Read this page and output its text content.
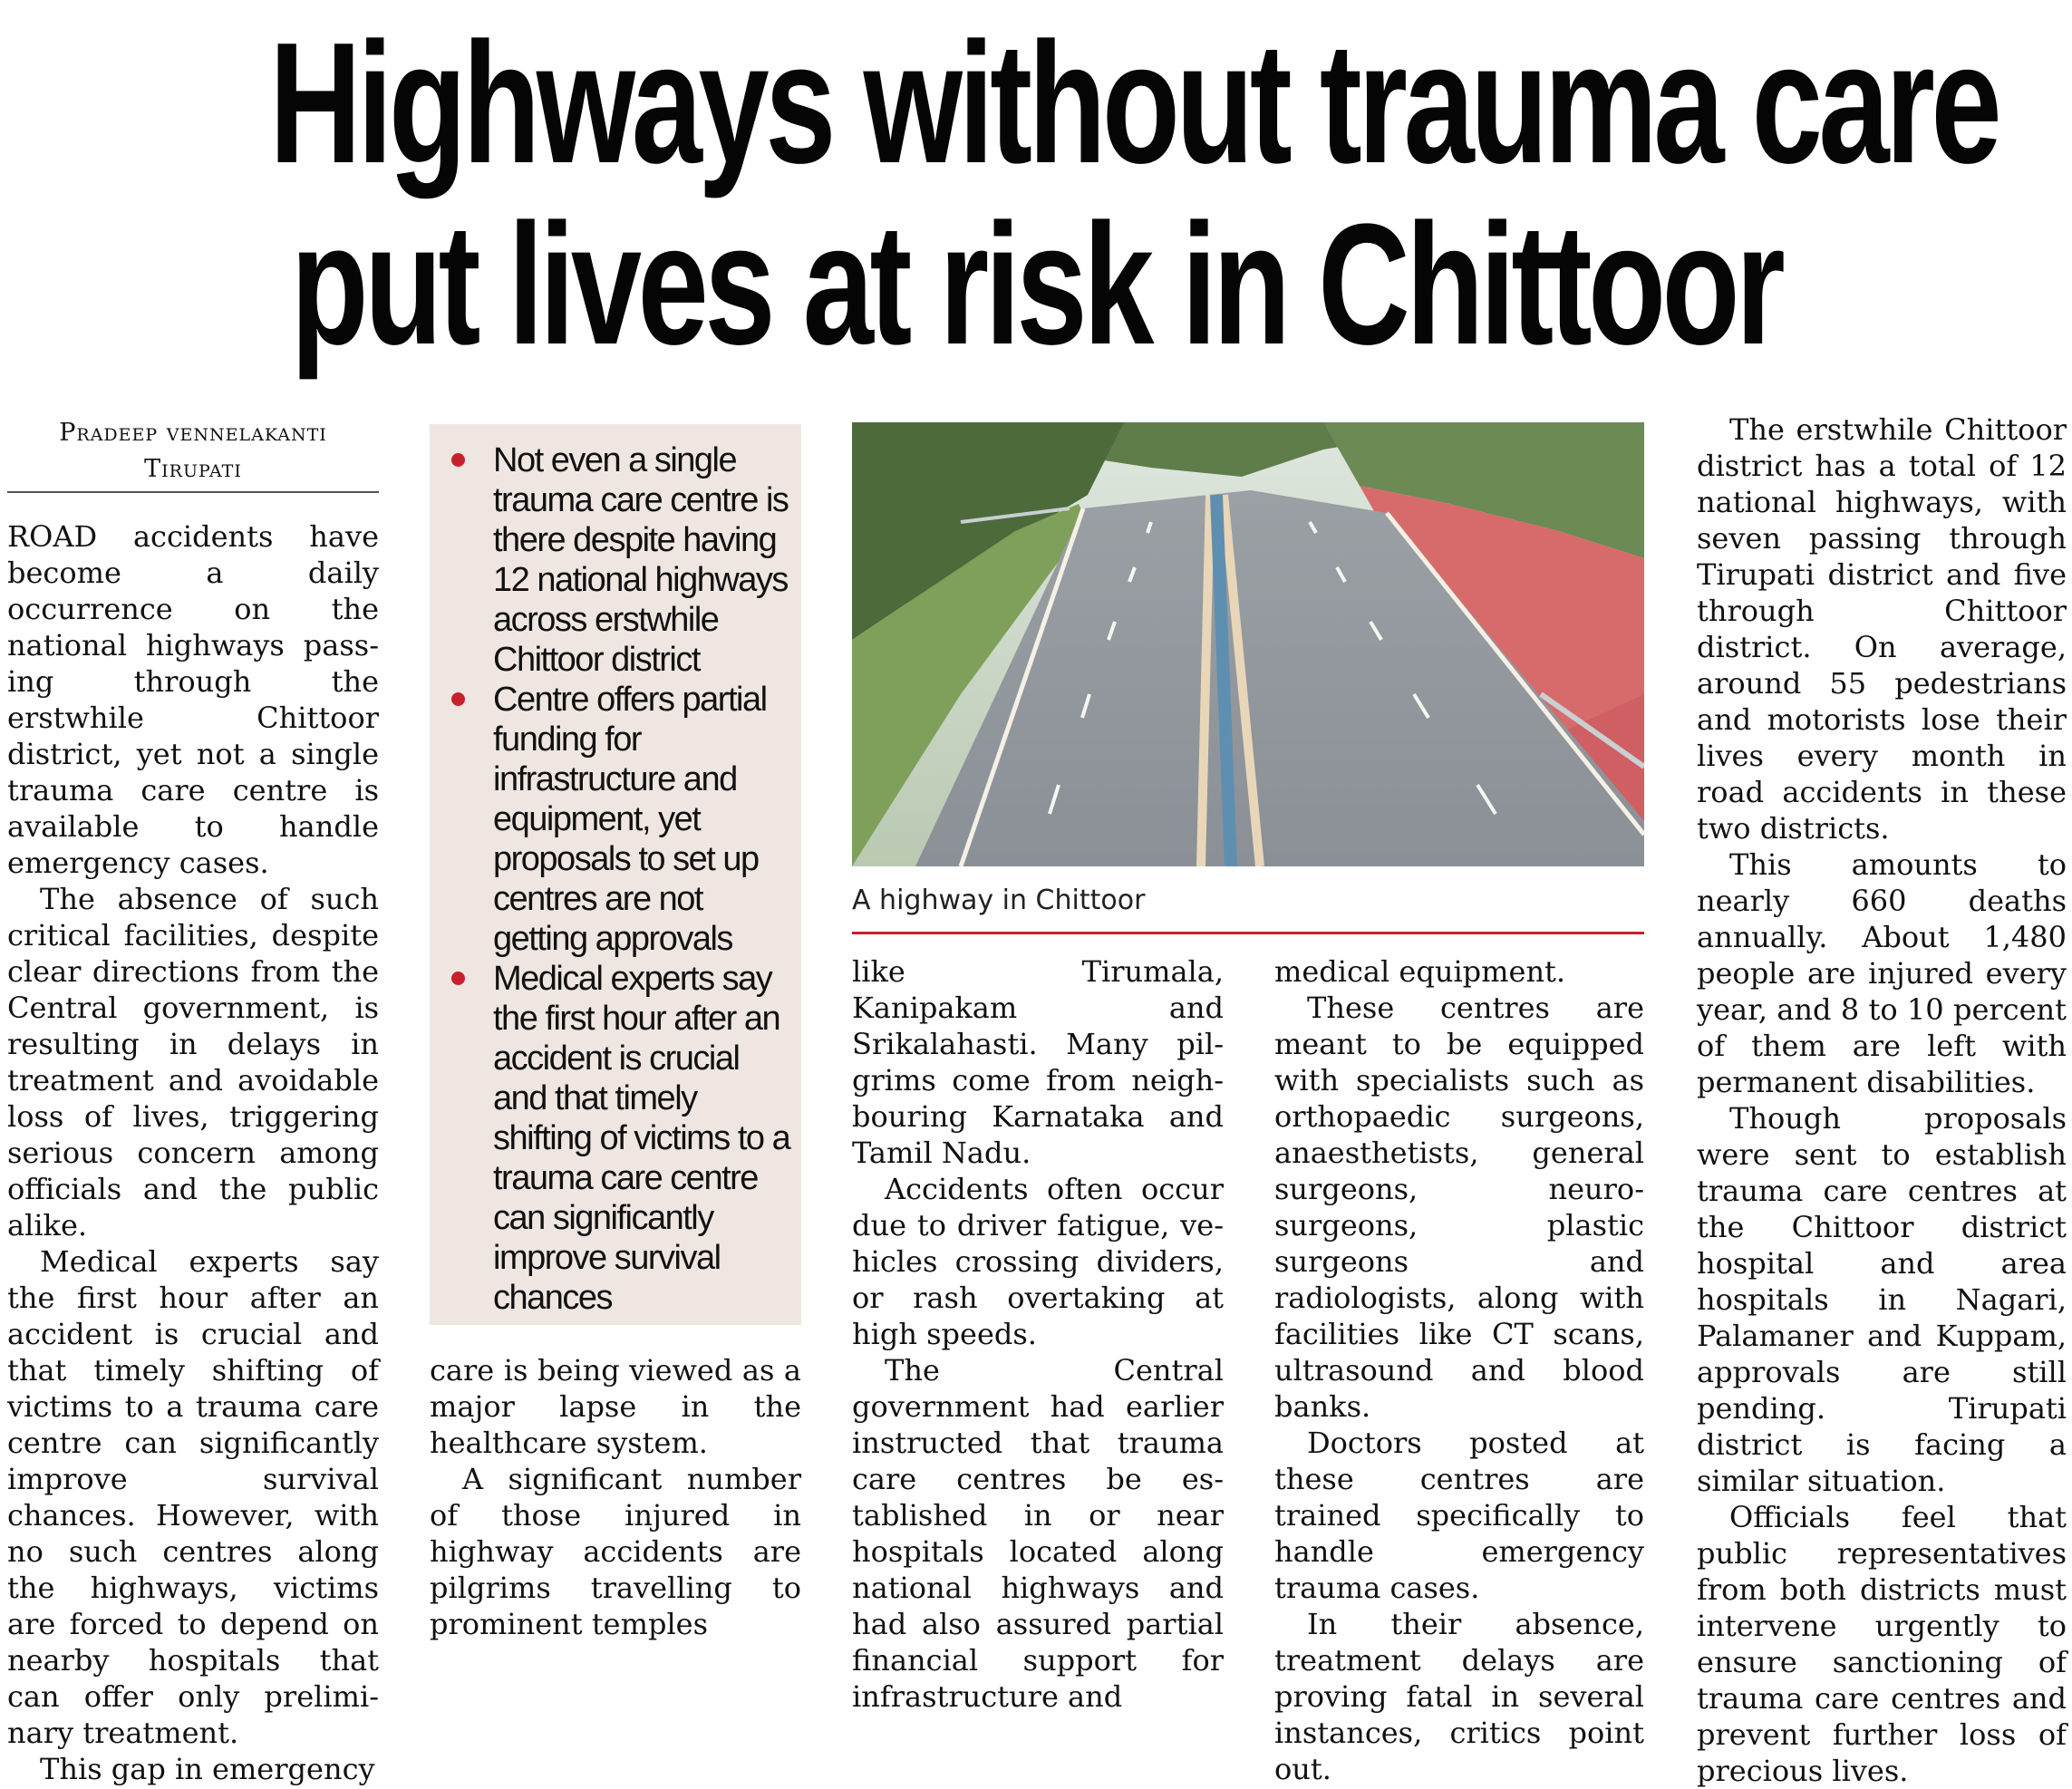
Highways without trauma care
put lives at risk in Chittoor
Pradeep vennelakanti
Tirupati

ROAD accidents have become a daily occurrence on the national highways passing through the erstwhile Chittoor district, yet not a single trauma care centre is available to handle emergency cases.

The absence of such critical facilities, despite clear directions from the Central government, is resulting in delays in treatment and avoidable loss of lives, triggering serious concern among officials and the public alike.

Medical experts say the first hour after an accident is crucial and that timely shifting of victims to a trauma care centre can significantly improve survival chances. However, with no such centres along the highways, victims are forced to depend on nearby hospitals that can offer only preliminary treatment.

This gap in emergency

Not even a single trauma care centre is there despite having 12 national highways across erstwhile Chittoor district
Centre offers partial funding for infrastructure and equipment, yet proposals to set up centres are not getting approvals
Medical experts say the first hour after an accident is crucial and that timely shifting of victims to a trauma care centre can significantly improve survival chances

care is being viewed as a major lapse in the healthcare system.

A significant number of those injured in highway accidents are pilgrims travelling to prominent temples

A highway in Chittoor

like Tirumala, Kanipakam and Srikalahasti. Many pilgrims come from neighbouring Karnataka and Tamil Nadu.

Accidents often occur due to driver fatigue, vehicles crossing dividers, or rash overtaking at high speeds.

The Central government had earlier instructed that trauma care centres be established in or near hospitals located along national highways and had also assured partial financial support for infrastructure and

medical equipment.

These centres are meant to be equipped with specialists such as orthopaedic surgeons, anaesthetists, general surgeons, neurosurgeons, plastic surgeons and radiologists, along with facilities like CT scans, ultrasound and blood banks.

Doctors posted at these centres are trained specifically to handle emergency trauma cases.

In their absence, treatment delays are proving fatal in several instances, critics point out.

The erstwhile Chittoor district has a total of 12 national highways, with seven passing through Tirupati district and five through Chittoor district. On average, around 55 pedestrians and motorists lose their lives every month in road accidents in these two districts.

This amounts to nearly 660 deaths annually. About 1,480 people are injured every year, and 8 to 10 percent of them are left with permanent disabilities.

Though proposals were sent to establish trauma care centres at the Chittoor district hospital and area hospitals in Nagari, Palamaner and Kuppam, approvals are still pending. Tirupati district is facing a similar situation.

Officials feel that public representatives from both districts must intervene urgently to ensure sanctioning of trauma care centres and prevent further loss of precious lives.
